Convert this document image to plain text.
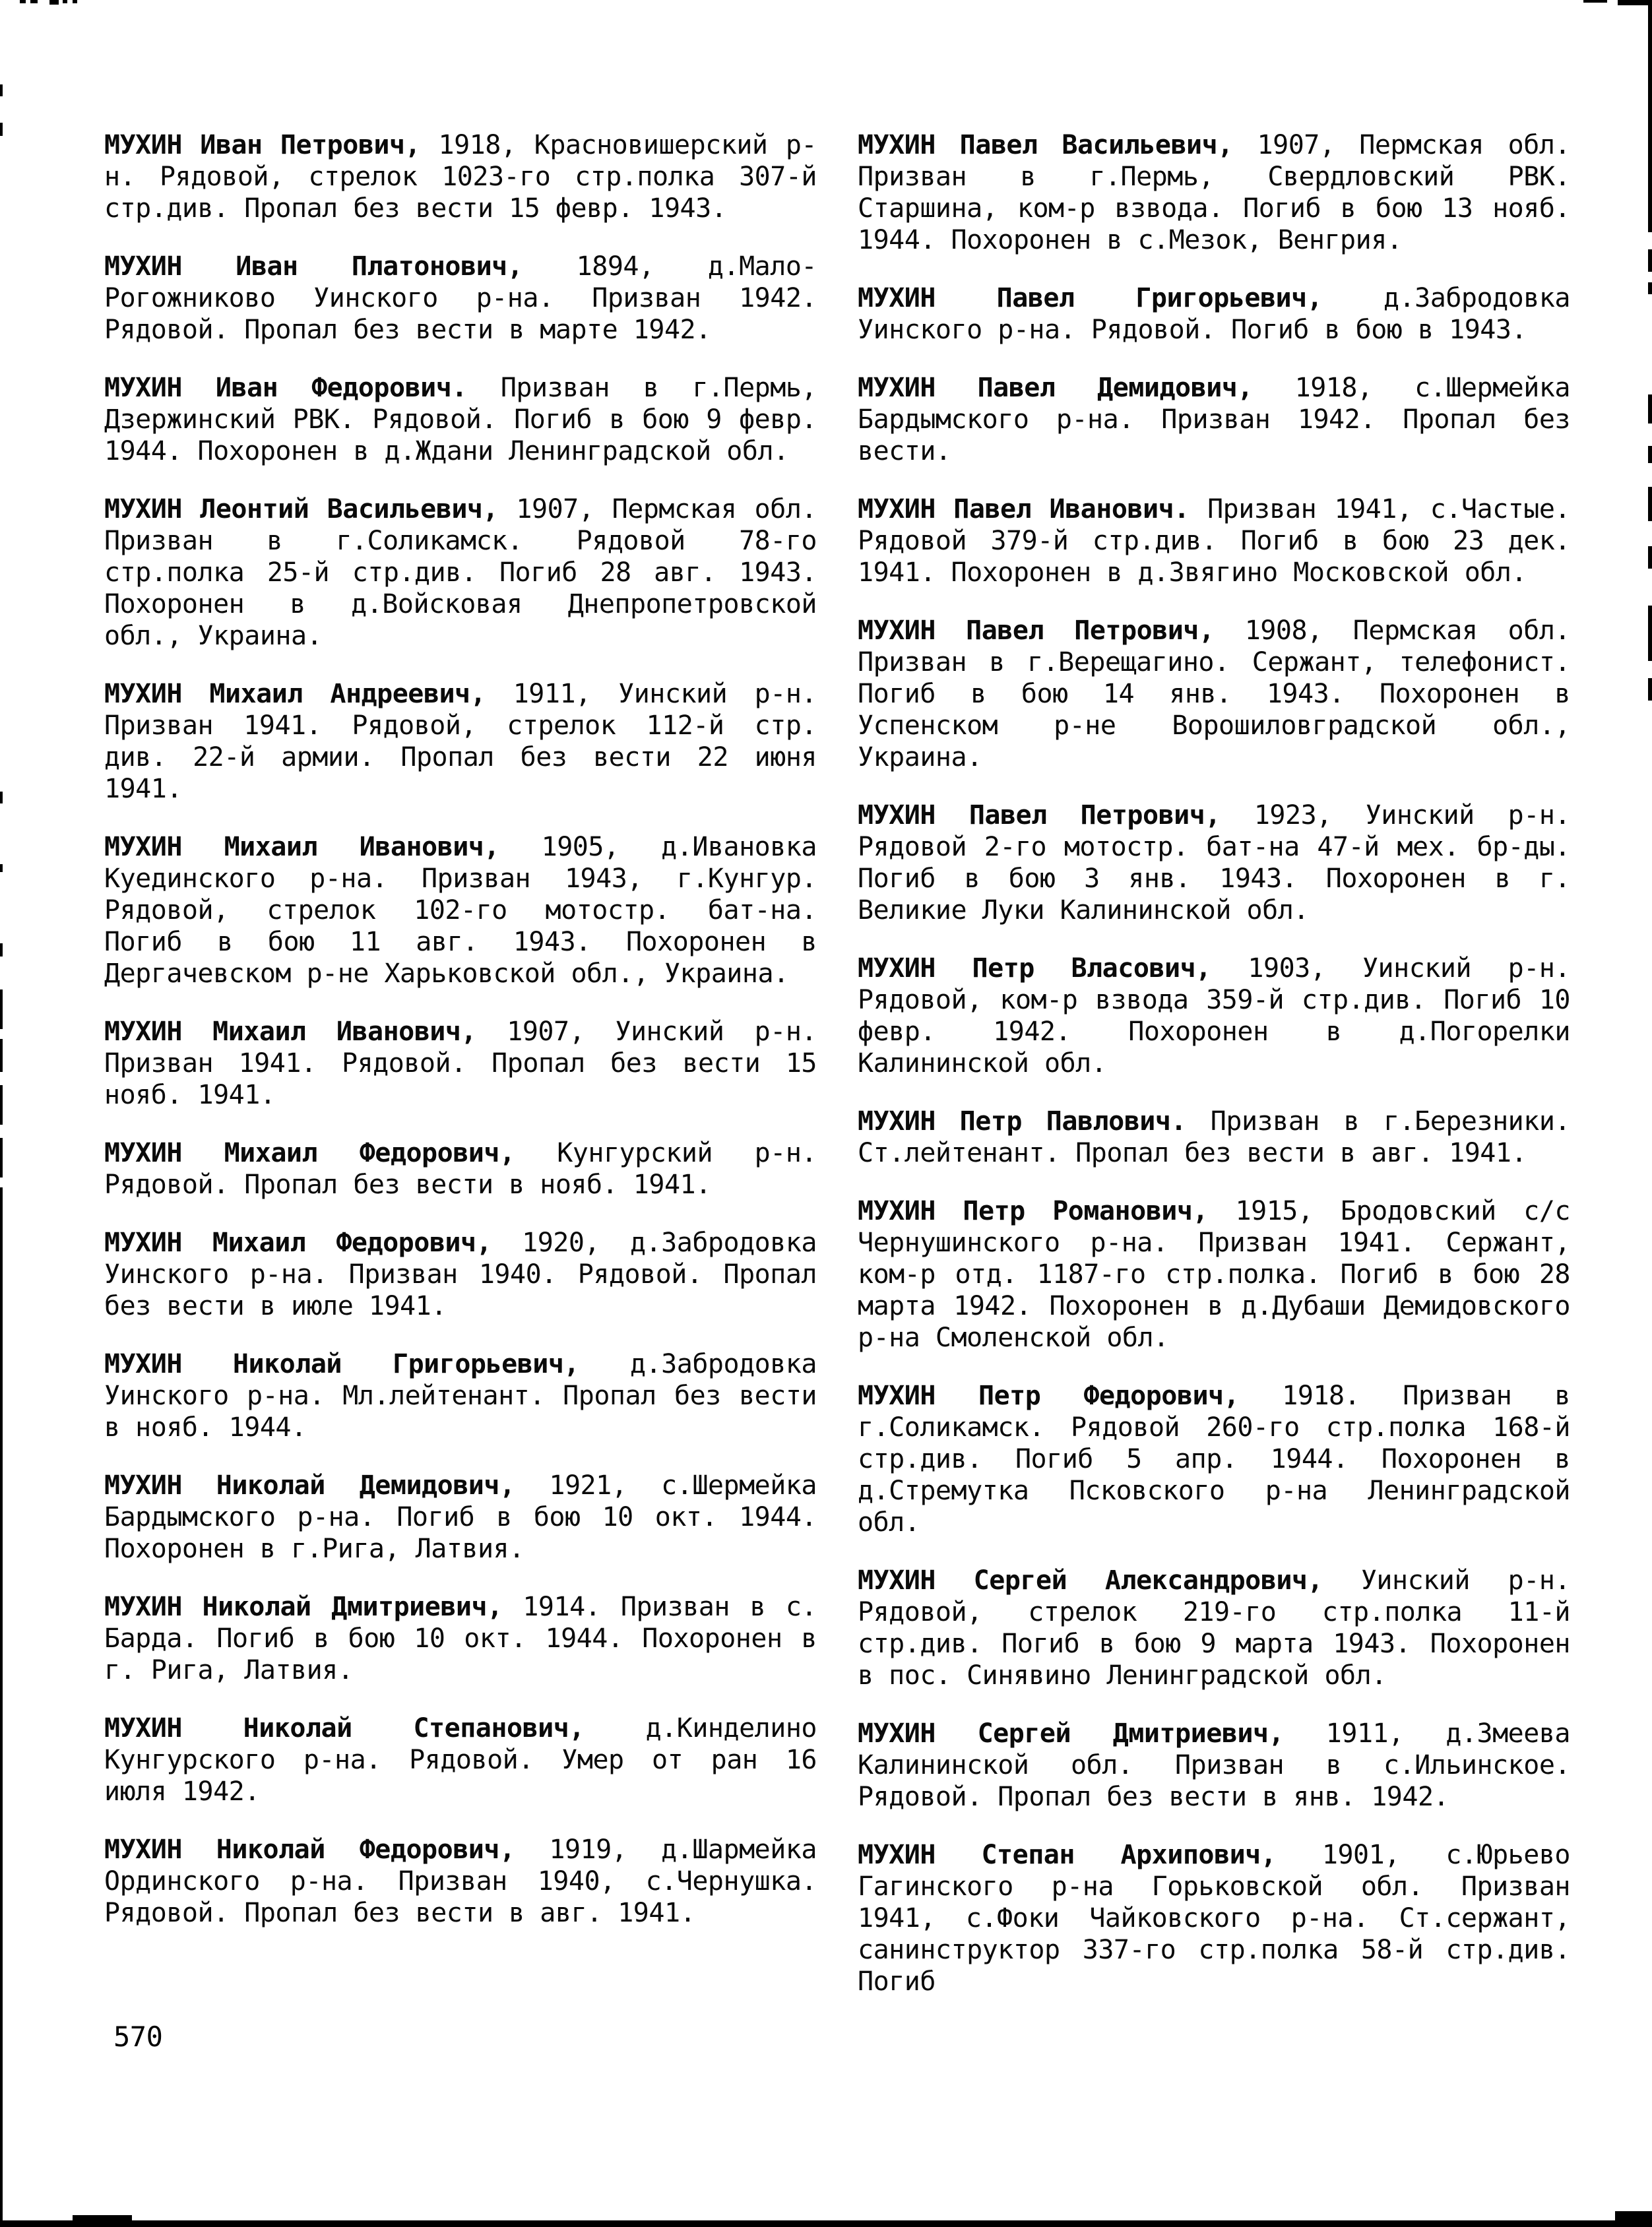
МУХИН Иван Петрович, 1918, Красновишерский р-н. Рядовой, стрелок 1023-го стр.полка 307-й стр.див. Пропал без вести 15 февр. 1943.

МУХИН Иван Платонович, 1894, д.Мало-Рогожниково Уинского р-на. Призван 1942. Рядовой. Пропал без вести в марте 1942.

МУХИН Иван Федорович. Призван в г.Пермь, Дзержинский РВК. Рядовой. Погиб в бою 9 февр. 1944. Похоронен в д.Ждани Ленинградской обл.

МУХИН Леонтий Васильевич, 1907, Пермская обл. Призван в г.Соликамск. Рядовой 78-го стр.полка 25-й стр.див. Погиб 28 авг. 1943. Похоронен в д.Войсковая Днепропетровской обл., Украина.

МУХИН Михаил Андреевич, 1911, Уинский р-н. Призван 1941. Рядовой, стрелок 112-й стр. див. 22-й армии. Пропал без вести 22 июня 1941.

МУХИН Михаил Иванович, 1905, д.Ивановка Куединского р-на. Призван 1943, г.Кунгур. Рядовой, стрелок 102-го мотостр. бат-на. Погиб в бою 11 авг. 1943. Похоронен в Дергачевском р-не Харьковской обл., Украина.

МУХИН Михаил Иванович, 1907, Уинский р-н. Призван 1941. Рядовой. Пропал без вести 15 нояб. 1941.

МУХИН Михаил Федорович, Кунгурский р-н. Рядовой. Пропал без вести в нояб. 1941.

МУХИН Михаил Федорович, 1920, д.Забродовка Уинского р-на. Призван 1940. Рядовой. Пропал без вести в июле 1941.

МУХИН Николай Григорьевич, д.Забродовка Уинского р-на. Мл.лейтенант. Пропал без вести в нояб. 1944.

МУХИН Николай Демидович, 1921, с.Шермейка Бардымского р-на. Погиб в бою 10 окт. 1944. Похоронен в г.Рига, Латвия.

МУХИН Николай Дмитриевич, 1914. Призван в с. Барда. Погиб в бою 10 окт. 1944. Похоронен в г. Рига, Латвия.

МУХИН Николай Степанович, д.Кинделино Кунгурского р-на. Рядовой. Умер от ран 16 июля 1942.

МУХИН Николай Федорович, 1919, д.Шармейка Ординского р-на. Призван 1940, с.Чернушка. Рядовой. Пропал без вести в авг. 1941.

МУХИН Павел Васильевич, 1907, Пермская обл. Призван в г.Пермь, Свердловский РВК. Старшина, ком-р взвода. Погиб в бою 13 нояб. 1944. Похоронен в с.Мезок, Венгрия.

МУХИН Павел Григорьевич, д.Забродовка Уинского р-на. Рядовой. Погиб в бою в 1943.

МУХИН Павел Демидович, 1918, с.Шермейка Бардымского р-на. Призван 1942. Пропал без вести.

МУХИН Павел Иванович. Призван 1941, с.Частые. Рядовой 379-й стр.див. Погиб в бою 23 дек. 1941. Похоронен в д.Звягино Московской обл.

МУХИН Павел Петрович, 1908, Пермская обл. Призван в г.Верещагино. Сержант, телефонист. Погиб в бою 14 янв. 1943. Похоронен в Успенском р-не Ворошиловградской обл., Украина.

МУХИН Павел Петрович, 1923, Уинский р-н. Рядовой 2-го мотостр. бат-на 47-й мех. бр-ды. Погиб в бою 3 янв. 1943. Похоронен в г. Великие Луки Калининской обл.

МУХИН Петр Власович, 1903, Уинский р-н. Рядовой, ком-р взвода 359-й стр.див. Погиб 10 февр. 1942. Похоронен в д.Погорелки Калининской обл.

МУХИН Петр Павлович. Призван в г.Березники. Ст.лейтенант. Пропал без вести в авг. 1941.

МУХИН Петр Романович, 1915, Бродовский с/с Чернушинского р-на. Призван 1941. Сержант, ком-р отд. 1187-го стр.полка. Погиб в бою 28 марта 1942. Похоронен в д.Дубаши Демидовского р-на Смоленской обл.

МУХИН Петр Федорович, 1918. Призван в г.Соликамск. Рядовой 260-го стр.полка 168-й стр.див. Погиб 5 апр. 1944. Похоронен в д.Стремутка Псковского р-на Ленинградской обл.

МУХИН Сергей Александрович, Уинский р-н. Рядовой, стрелок 219-го стр.полка 11-й стр.див. Погиб в бою 9 марта 1943. Похоронен в пос. Синявино Ленинградской обл.

МУХИН Сергей Дмитриевич, 1911, д.Змеева Калининской обл. Призван в с.Ильинское. Рядовой. Пропал без вести в янв. 1942.

МУХИН Степан Архипович, 1901, с.Юрьево Гагинского р-на Горьковской обл. Призван 1941, с.Фоки Чайковского р-на. Ст.сержант, санинструктор 337-го стр.полка 58-й стр.див. Погиб

570
